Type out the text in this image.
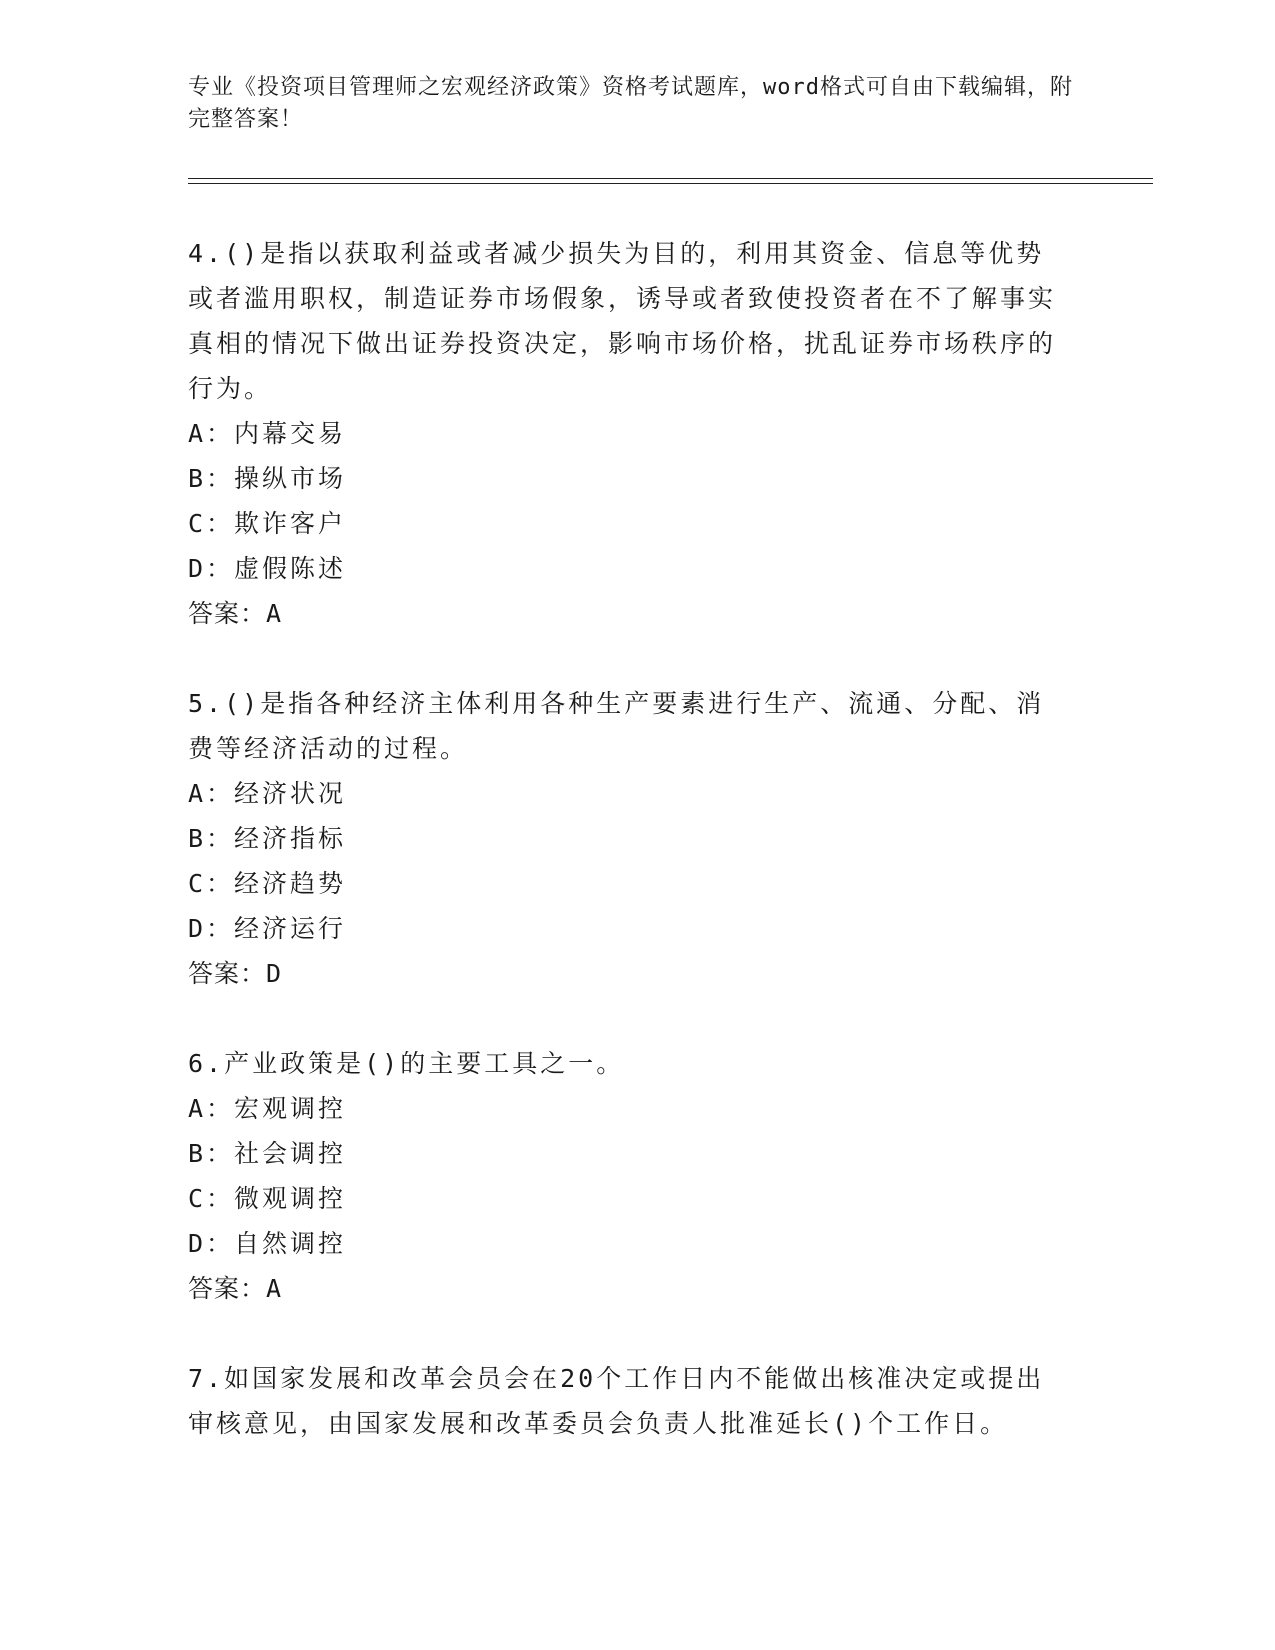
专业《投资项目管理师之宏观经济政策》资格考试题库，word格式可自由下载编辑，附完整答案！

4.()是指以获取利益或者减少损失为目的，利用其资金、信息等优势或者滥用职权，制造证券市场假象，诱导或者致使投资者在不了解事实真相的情况下做出证券投资决定，影响市场价格，扰乱证券市场秩序的行为。

A：内幕交易

B：操纵市场

C：欺诈客户

D：虚假陈述

答案：A

5.()是指各种经济主体利用各种生产要素进行生产、流通、分配、消费等经济活动的过程。

A：经济状况

B：经济指标

C：经济趋势

D：经济运行

答案：D

6.产业政策是()的主要工具之一。

A：宏观调控

B：社会调控

C：微观调控

D：自然调控

答案：A

7.如国家发展和改革会员会在20个工作日内不能做出核准决定或提出审核意见，由国家发展和改革委员会负责人批准延长()个工作日。
